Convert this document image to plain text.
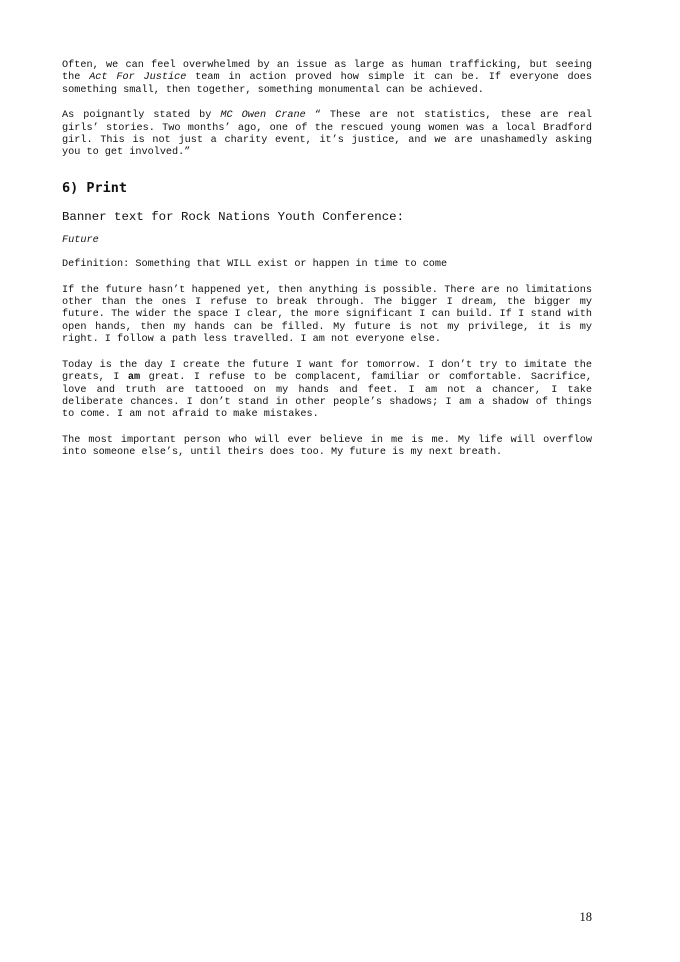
Often, we can feel overwhelmed by an issue as large as human trafficking, but seeing the Act For Justice team in action proved how simple it can be. If everyone does something small, then together, something monumental can be achieved.

As poignantly stated by MC Owen Crane “ These are not statistics, these are real girls’ stories. Two months’ ago, one of the rescued young women was a local Bradford girl. This is not just a charity event, it’s justice, and we are unashamedly asking you to get involved.”

6) Print

Banner text for Rock Nations Youth Conference:

Future

Definition: Something that WILL exist or happen in time to come

If the future hasn’t happened yet, then anything is possible. There are no limitations other than the ones I refuse to break through. The bigger I dream, the bigger my future. The wider the space I clear, the more significant I can build. If I stand with open hands, then my hands can be filled. My future is not my privilege, it is my right. I follow a path less travelled. I am not everyone else.

Today is the day I create the future I want for tomorrow. I don’t try to imitate the greats, I am great. I refuse to be complacent, familiar or comfortable. Sacrifice, love and truth are tattooed on my hands and feet. I am not a chancer, I take deliberate chances. I don’t stand in other people’s shadows; I am a shadow of things to come. I am not afraid to make mistakes.

The most important person who will ever believe in me is me. My life will overflow into someone else’s, until theirs does too. My future is my next breath.

18
